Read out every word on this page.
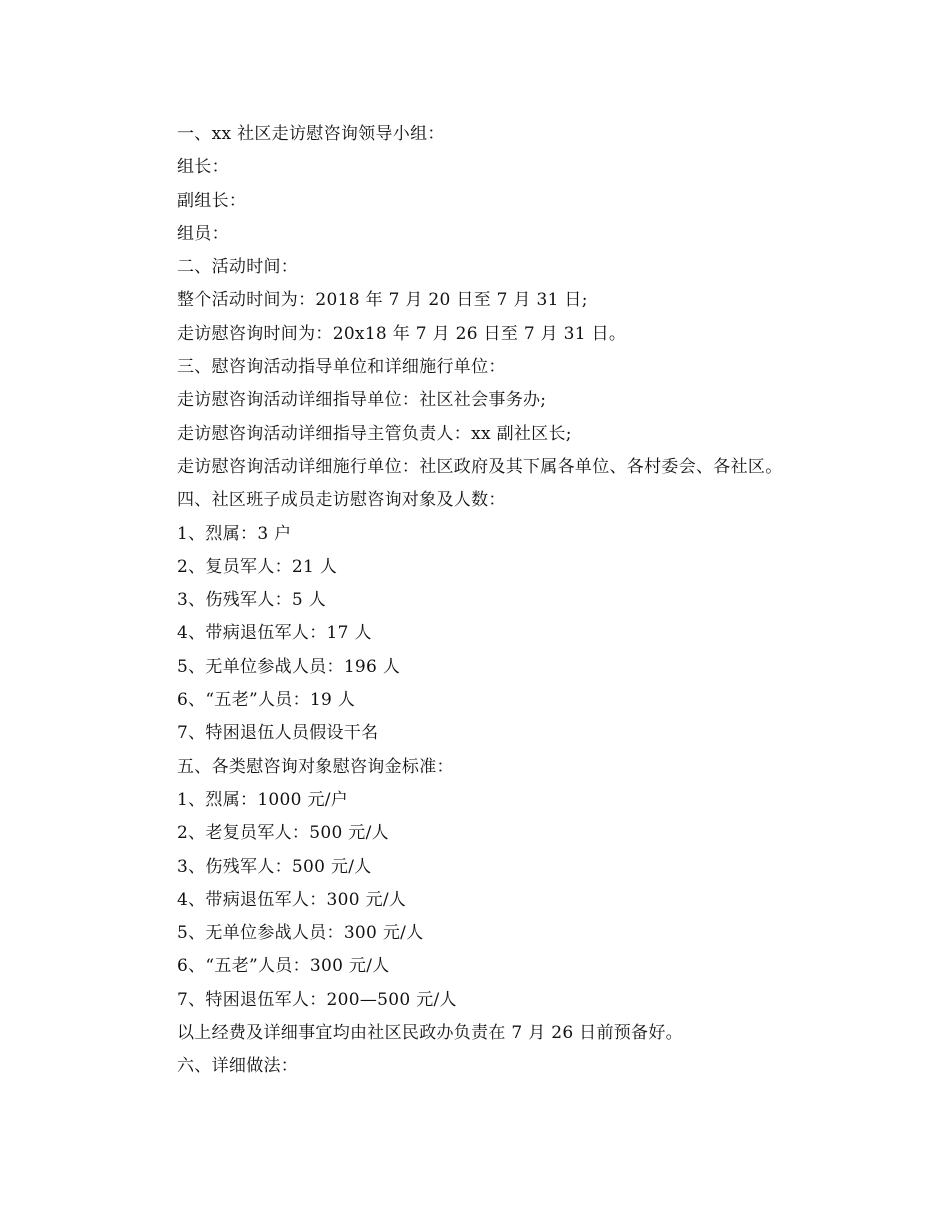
一、xx 社区走访慰咨询领导小组：
组长：
副组长：
组员：
二、活动时间：
整个活动时间为：2018 年 7 月 20 日至 7 月 31 日;
走访慰咨询时间为：20x18 年 7 月 26 日至 7 月 31 日。
三、慰咨询活动指导单位和详细施行单位：
走访慰咨询活动详细指导单位：社区社会事务办;
走访慰咨询活动详细指导主管负责人：xx 副社区长;
走访慰咨询活动详细施行单位：社区政府及其下属各单位、各村委会、各社区。
四、社区班子成员走访慰咨询对象及人数：
1、烈属：3 户
2、复员军人：21 人
3、伤残军人：5 人
4、带病退伍军人：17 人
5、无单位参战人员：196 人
6、“五老”人员：19 人
7、特困退伍人员假设干名
五、各类慰咨询对象慰咨询金标准：
1、烈属：1000 元/户
2、老复员军人：500 元/人
3、伤残军人：500 元/人
4、带病退伍军人：300 元/人
5、无单位参战人员：300 元/人
6、“五老”人员：300 元/人
7、特困退伍军人：200—500 元/人
以上经费及详细事宜均由社区民政办负责在 7 月 26 日前预备好。
六、详细做法：
